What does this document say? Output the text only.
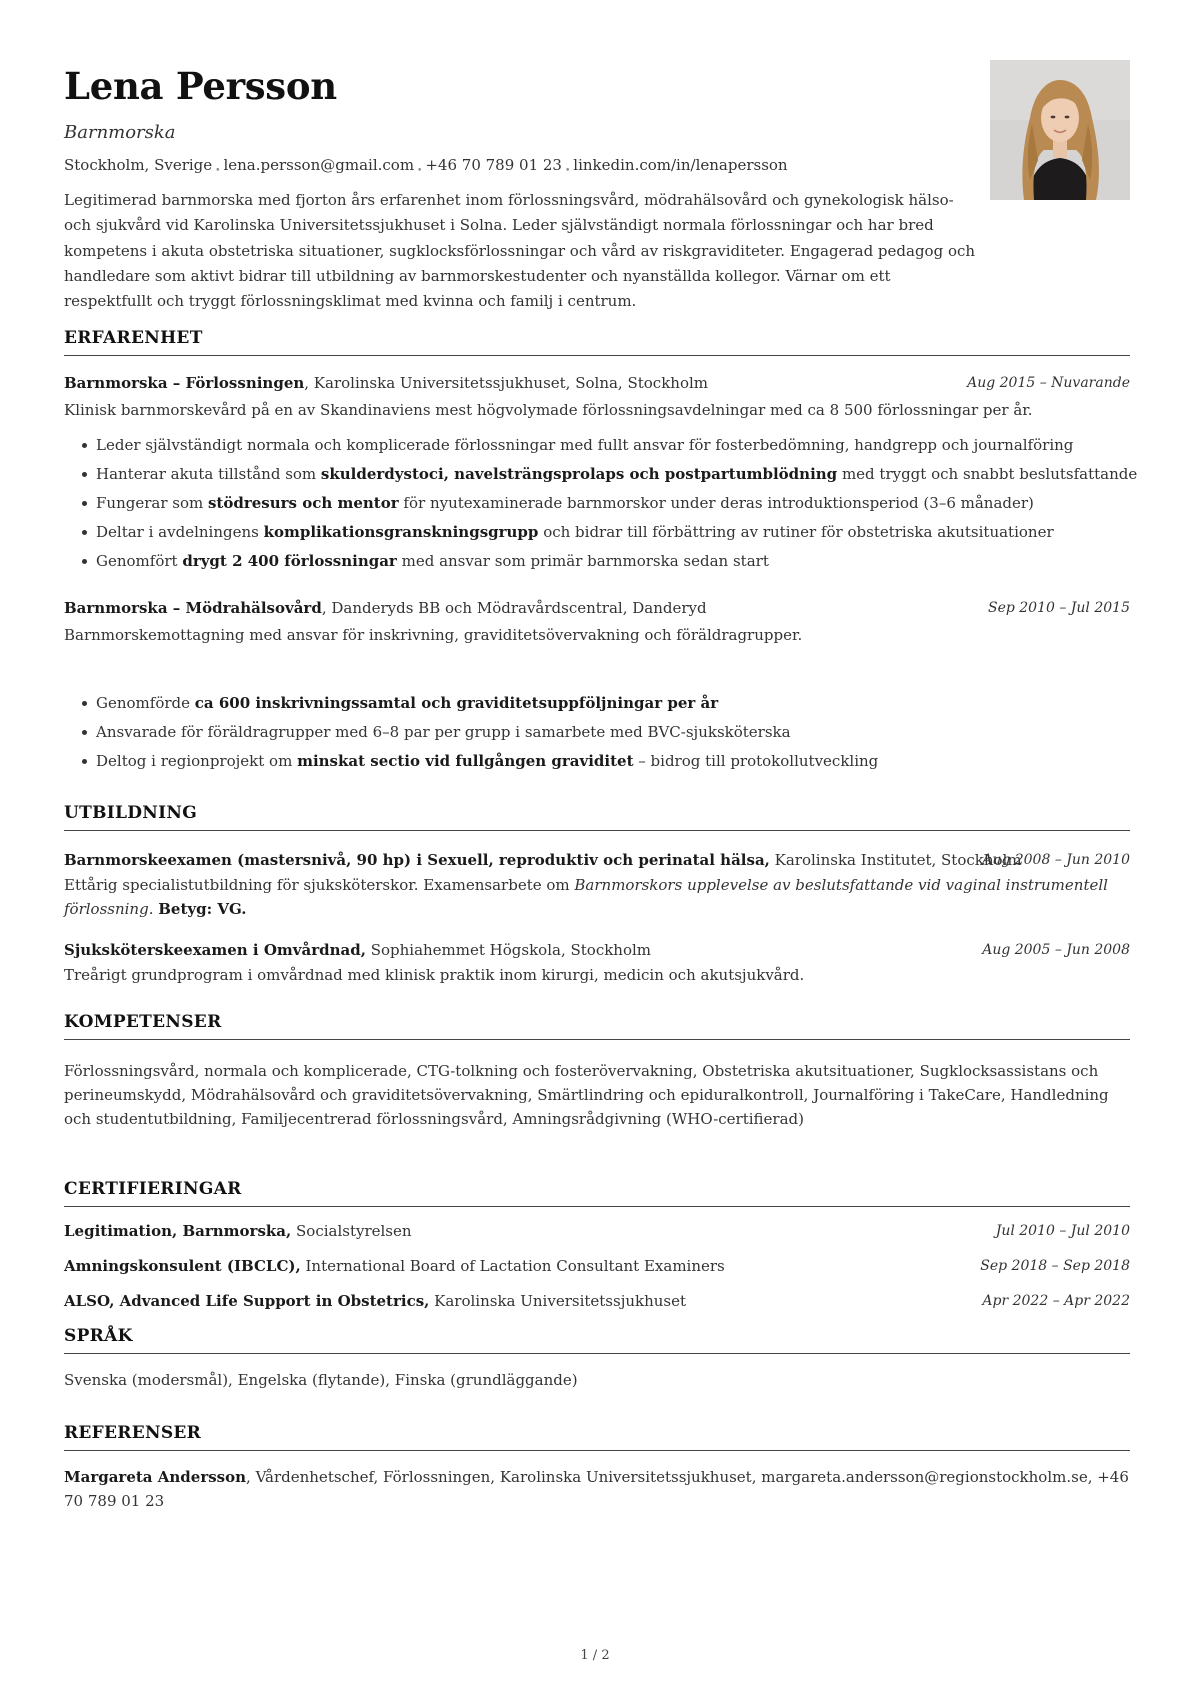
Lena Persson
Barnmorska
Stockholm, Sverige $_•$ lena.persson@gmail.com $_•$ +46 70 789 01 23 $_•$ linkedin.com/in/lenapersson

Legitimerad barnmorska med fjorton års erfarenhet inom förlossningsvård, mödrahälsovård och gynekologisk hälso- och sjukvård vid Karolinska Universitetssjukhuset i Solna. Leder självständigt normala förlossningar och har bred kompetens i akuta obstetriska situationer, sugklocksförlossningar och vård av riskgraviditeter. Engagerad pedagog och handledare som aktivt bidrar till utbildning av barnmorskestudenter och nyanställda kollegor. Värnar om ett respektfullt och tryggt förlossningsklimat med kvinna och familj i centrum.

ERFARENHET
Barnmorska – Förlossningen, Karolinska Universitetssjukhuset, Solna, Stockholm	Aug 2015 – Nuvarande
Klinisk barnmorskevård på en av Skandinaviens mest högvolymade förlossningsavdelningar med ca 8 500 förlossningar per år.
Leder självständigt normala och komplicerade förlossningar med fullt ansvar för fosterbedömning, handgrepp och journalföring
Hanterar akuta tillstånd som skulderdystoci, navelsträngsprolaps och postpartumblödning med tryggt och snabbt beslutsfattande
Fungerar som stödresurs och mentor för nyutexaminerade barnmorskor under deras introduktionsperiod (3–6 månader)
Deltar i avdelningens komplikationsgranskningsgrupp och bidrar till förbättring av rutiner för obstetriska akutsituationer
Genomfört drygt 2 400 förlossningar med ansvar som primär barnmorska sedan start
Barnmorska – Mödrahälsovård, Danderyds BB och Mödravårdscentral, Danderyd	Sep 2010 – Jul 2015
Barnmorskemottagning med ansvar för inskrivning, graviditetsövervakning och föräldragrupper.
Genomförde ca 600 inskrivningssamtal och graviditetsuppföljningar per år
Ansvarade för föräldragrupper med 6–8 par per grupp i samarbete med BVC-sjuksköterska
Deltog i regionprojekt om minskat sectio vid fullgången graviditet – bidrog till protokollutveckling
UTBILDNING
Barnmorskeexamen (mastersnivå, 90 hp) i Sexuell, reproduktiv och perinatal hälsa, Karolinska Institutet, Stockholm
Aug 2008 – Jun 2010
Ettårig specialistutbildning för sjuksköterskor. Examensarbete om Barnmorskors upplevelse av beslutsfattande vid vaginal instrumentell förlossning. Betyg: VG.
Sjuksköterskeexamen i Omvårdnad, Sophiahemmet Högskola, Stockholm	Aug 2005 – Jun 2008
Treårigt grundprogram i omvårdnad med klinisk praktik inom kirurgi, medicin och akutsjukvård.
KOMPETENSER
Förlossningsvård, normala och komplicerade, CTG-tolkning och fosterövervakning, Obstetriska akutsituationer, Sugklocksassistans och perineumskydd, Mödrahälsovård och graviditetsövervakning, Smärtlindring och epiduralkontroll, Journalföring i TakeCare, Handledning och studentutbildning, Familjecentrerad förlossningsvård, Amningsrådgivning (WHO-certifierad)
CERTIFIERINGAR
Legitimation, Barnmorska, Socialstyrelsen	Jul 2010 – Jul 2010
Amningskonsulent (IBCLC), International Board of Lactation Consultant Examiners	Sep 2018 – Sep 2018
ALSO, Advanced Life Support in Obstetrics, Karolinska Universitetssjukhuset	Apr 2022 – Apr 2022
SPRÅK
Svenska (modersmål), Engelska (flytande), Finska (grundläggande)
REFERENSER
Margareta Andersson, Vårdenhetschef, Förlossningen, Karolinska Universitetssjukhuset, margareta.andersson@regionstockholm.se, +46 70 789 01 23
1 / 2
